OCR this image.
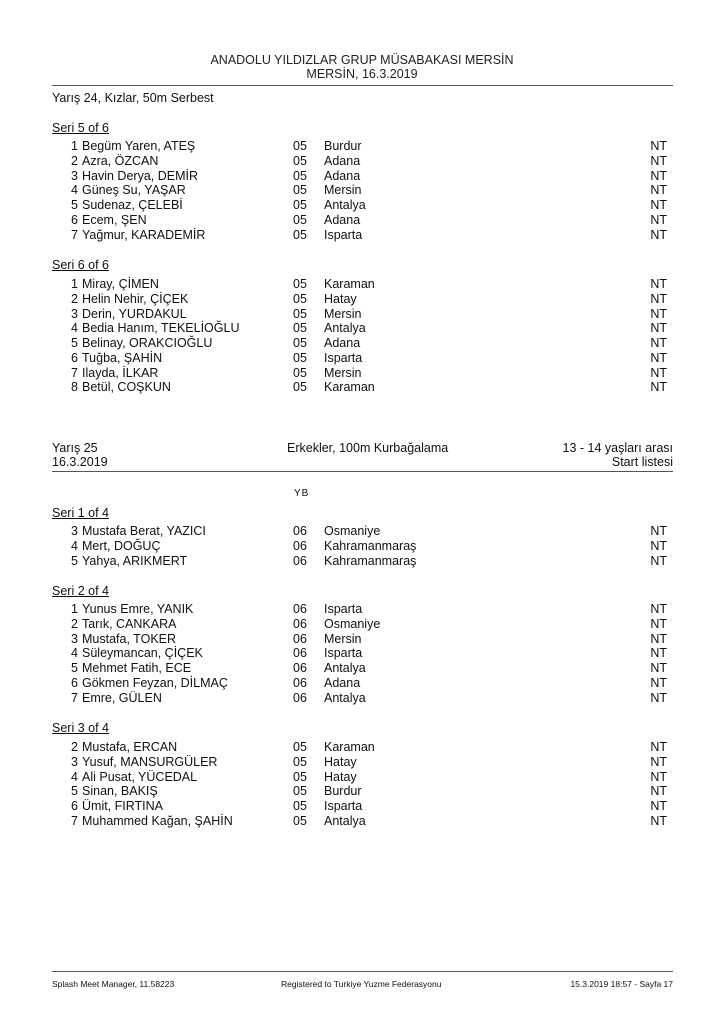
ANADOLU YILDIZLAR GRUP MÜSABAKASI MERSİN
MERSİN, 16.3.2019
Yarış 24, Kızlar, 50m Serbest
Seri 5 of 6
1 Begüm Yaren, ATEŞ	05 Burdur	NT
2 Azra, ÖZCAN	05 Adana	NT
3 Havin Derya, DEMİR	05 Adana	NT
4 Güneş Su, YAŞAR	05 Mersin	NT
5 Sudenaz, ÇELEBİ	05 Antalya	NT
6 Ecem, ŞEN	05 Adana	NT
7 Yağmur, KARADEMİR	05 Isparta	NT
Seri 6 of 6
1 Miray, ÇİMEN	05 Karaman	NT
2 Helin Nehir, ÇİÇEK	05 Hatay	NT
3 Derin, YURDAKUL	05 Mersin	NT
4 Bedia Hanım, TEKELİOĞLU	05 Antalya	NT
5 Belinay, ORAKCIOĞLU	05 Adana	NT
6 Tuğba, ŞAHİN	05 Isparta	NT
7 Ilayda, İLKAR	05 Mersin	NT
8 Betül, COŞKUN	05 Karaman	NT
Yarış 25
16.3.2019
Erkekler, 100m Kurbağalama	13 - 14 yaşları arası
Start listesi
YB
Seri 1 of 4
3 Mustafa Berat, YAZICI	06 Osmaniye	NT
4 Mert, DOĞUÇ	06 Kahramanmaraş	NT
5 Yahya, ARIKMERT	06 Kahramanmaraş	NT
Seri 2 of 4
1 Yunus Emre, YANIK	06 Isparta	NT
2 Tarık, CANKARA	06 Osmaniye	NT
3 Mustafa, TOKER	06 Mersin	NT
4 Süleymancan, ÇİÇEK	06 Isparta	NT
5 Mehmet Fatih, ECE	06 Antalya	NT
6 Gökmen Feyzan, DİLMAÇ	06 Adana	NT
7 Emre, GÜLEN	06 Antalya	NT
Seri 3 of 4
2 Mustafa, ERCAN	05 Karaman	NT
3 Yusuf, MANSURGÜLER	05 Hatay	NT
4 Ali Pusat, YÜCEDAL	05 Hatay	NT
5 Sinan, BAKIŞ	05 Burdur	NT
6 Ümit, FIRTINA	05 Isparta	NT
7 Muhammed Kağan, ŞAHİN	05 Antalya	NT
Splash Meet Manager, 11.58223	Registered to Turkiye Yuzme Federasyonu	15.3.2019 18:57 - Sayfa 17
